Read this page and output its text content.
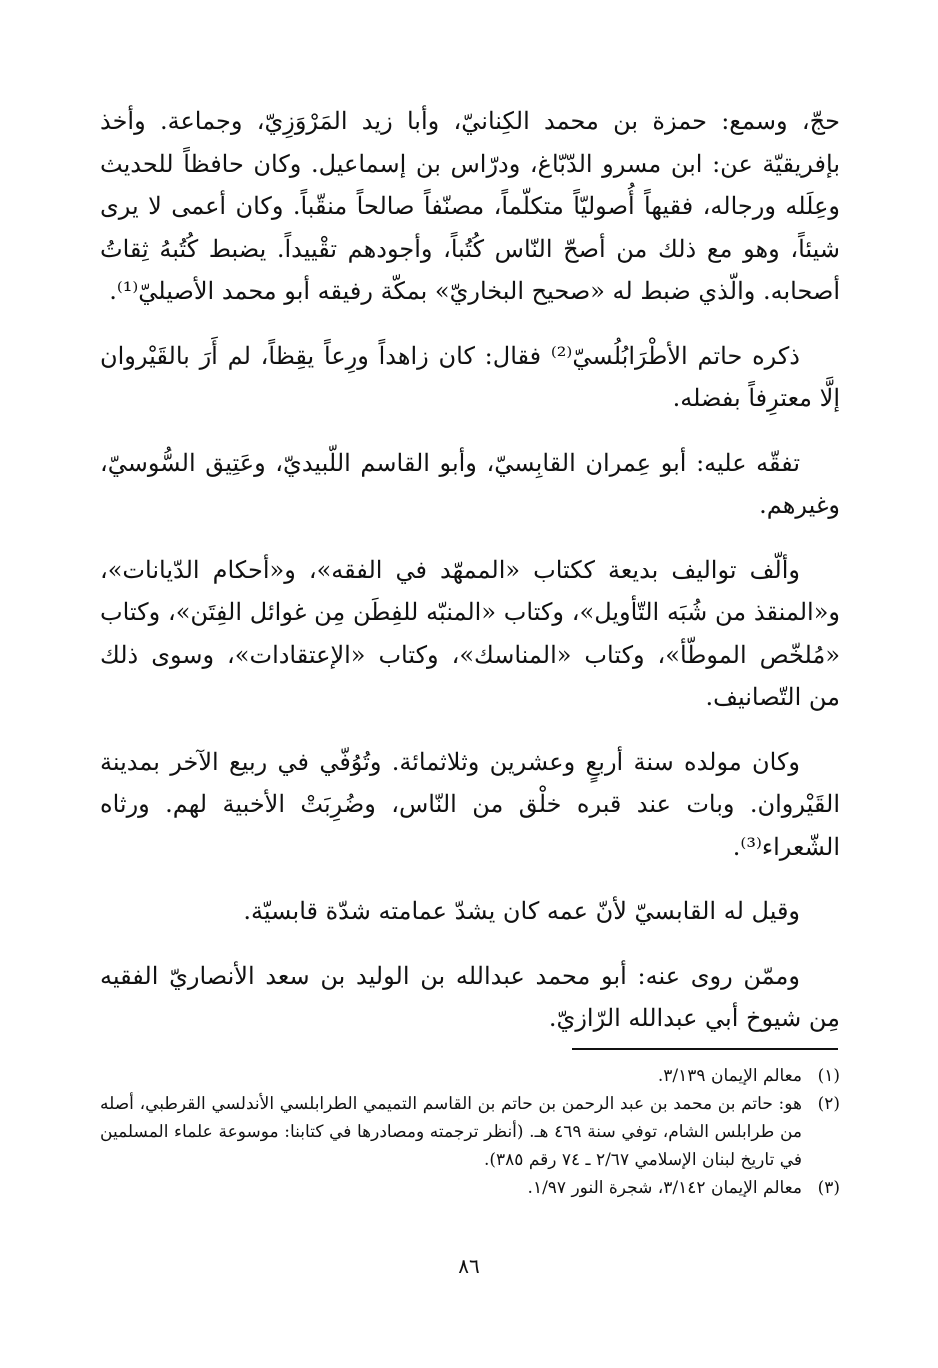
حجّ، وسمع: حمزة بن محمد الكِنانيّ، وأبا زيد المَرْوَزِيّ، وجماعة. وأخذ بإفريقيّة عن: ابن مسرو الدّبّاغ، ودرّاس بن إسماعيل. وكان حافظاً للحديث وعِلَله ورجاله، فقيهاً أُصوليّاً متكلّماً، مصنّفاً صالحاً منقّباً. وكان أعمى لا يرى شيئاً، وهو مع ذلك من أصحّ النّاس كُتُباً، وأجودهم تقْييداً. يضبط كُتُبهُ ثِقاتُ أصحابه. والّذي ضبط له «صحيح البخاريّ» بمكّة رفيقه أبو محمد الأصيليّ⁽¹⁾.

ذكره حاتم الأطْرَابُلُسيّ⁽²⁾ فقال: كان زاهداً ورِعاً يقِظاً، لم أَرَ بالقَيْروان إلَّا معترِفاً بفضله.

تفقّه عليه: أبو عِمران القابِسيّ، وأبو القاسم اللّبيديّ، وعَتِيق السُّوسيّ، وغيرهم.

وألّف تواليف بديعة ككتاب «الممهّد في الفقه»، و«أحكام الدّيانات»، و«المنقذ من شُبَه التّأويل»، وكتاب «المنبّه للفِطَن مِن غوائل الفِتَن»، وكتاب «مُلخّص الموطّأ»، وكتاب «المناسك»، وكتاب «الإعتقادات»، وسوى ذلك من التّصانيف.

وكان مولده سنة أربعٍ وعشرين وثلاثمائة. وتُوُفّي في ربيع الآخر بمدينة القَيْروان. وبات عند قبره خلْق من النّاس، وضُرِبَتْ الأخبية لهم. ورثاه الشّعراء⁽³⁾.

وقيل له القابسيّ لأنّ عمه كان يشدّ عمامته شدّة قابسيّة.

وممّن روى عنه: أبو محمد عبدالله بن الوليد بن سعد الأنصاريّ الفقيه مِن شيوخ أبي عبدالله الرّازيّ.

(١)
معالم الإيمان ٣/١٣٩.
(٢)
هو: حاتم بن محمد بن عبد الرحمن بن حاتم بن القاسم التميمي الطرابلسي الأندلسي القرطبي، أصله من طرابلس الشام، توفي سنة ٤٦٩ هـ. (أنظر ترجمته ومصادرها في كتابنا: موسوعة علماء المسلمين في تاريخ لبنان الإسلامي ٢/٦٧ ـ ٧٤ رقم ٣٨٥).
(٣)
معالم الإيمان ٣/١٤٢، شجرة النور ١/٩٧.
٨٦
